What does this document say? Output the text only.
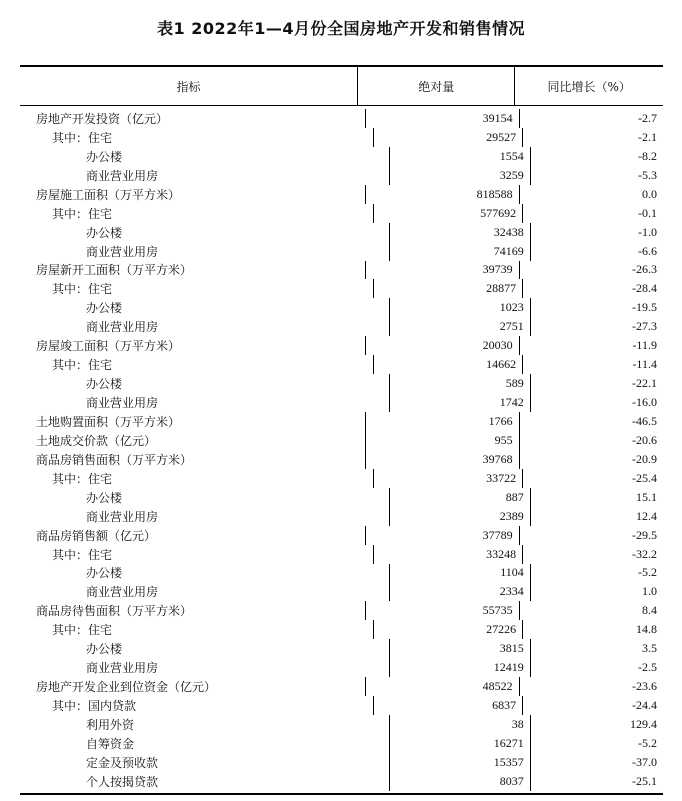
表1 2022年1—4月份全国房地产开发和销售情况
指标	绝对量	同比增长（%）
房地产开发投资（亿元）	39154	-2.7
其中：住宅	29527	-2.1
办公楼	1554	-8.2
商业营业用房	3259	-5.3
房屋施工面积（万平方米）	818588	0.0
其中：住宅	577692	-0.1
办公楼	32438	-1.0
商业营业用房	74169	-6.6
房屋新开工面积（万平方米）	39739	-26.3
其中：住宅	28877	-28.4
办公楼	1023	-19.5
商业营业用房	2751	-27.3
房屋竣工面积（万平方米）	20030	-11.9
其中：住宅	14662	-11.4
办公楼	589	-22.1
商业营业用房	1742	-16.0
土地购置面积（万平方米）	1766	-46.5
土地成交价款（亿元）	955	-20.6
商品房销售面积（万平方米）	39768	-20.9
其中：住宅	33722	-25.4
办公楼	887	15.1
商业营业用房	2389	12.4
商品房销售额（亿元）	37789	-29.5
其中：住宅	33248	-32.2
办公楼	1104	-5.2
商业营业用房	2334	1.0
商品房待售面积（万平方米）	55735	8.4
其中：住宅	27226	14.8
办公楼	3815	3.5
商业营业用房	12419	-2.5
房地产开发企业到位资金（亿元）	48522	-23.6
其中：国内贷款	6837	-24.4
利用外资	38	129.4
自筹资金	16271	-5.2
定金及预收款	15357	-37.0
个人按揭贷款	8037	-25.1
